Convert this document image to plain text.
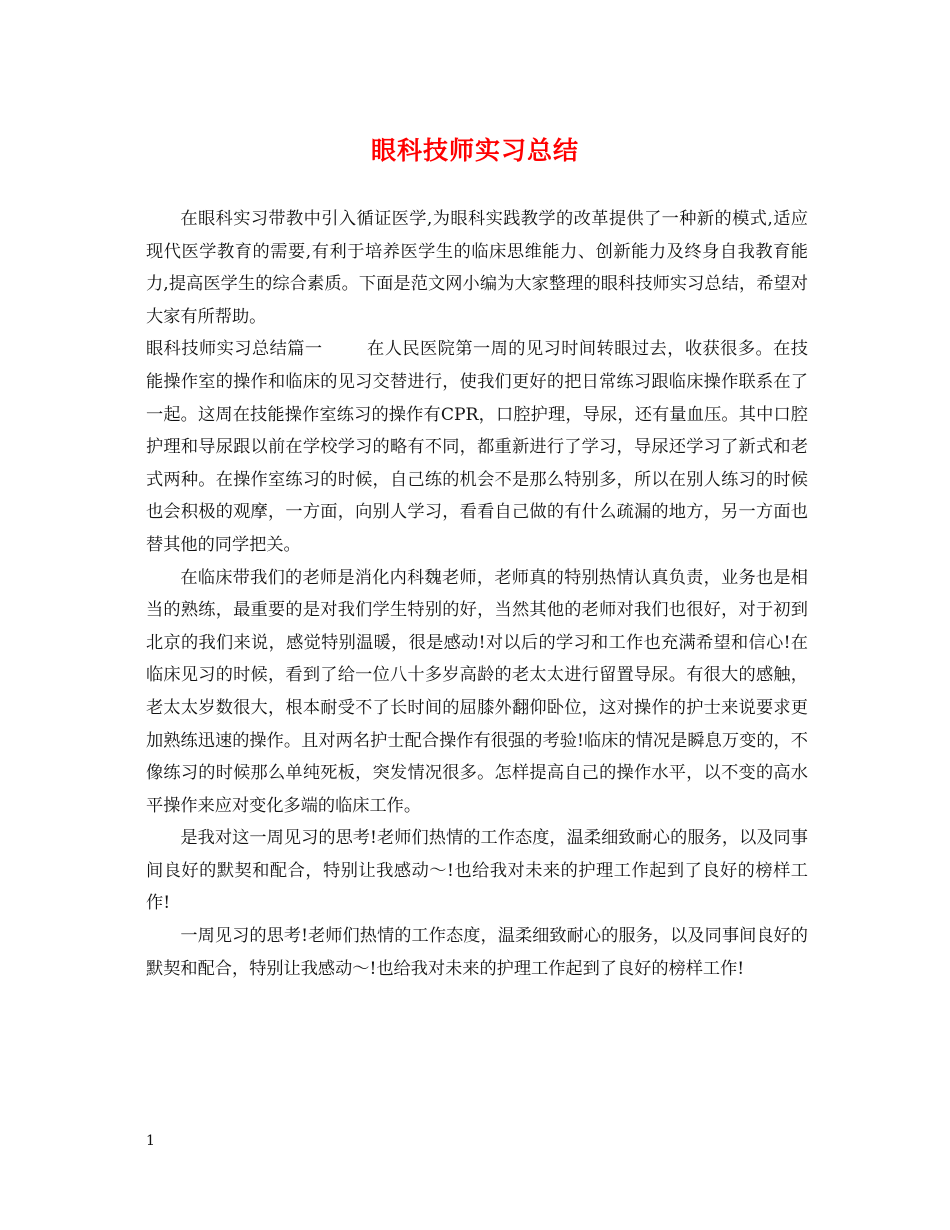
眼科技师实习总结

在眼科实习带教中引入循证医学,为眼科实践教学的改革提供了一种新的模式,适应现代医学教育的需要,有利于培养医学生的临床思维能力、创新能力及终身自我教育能力,提高医学生的综合素质。下面是范文网小编为大家整理的眼科技师实习总结，希望对大家有所帮助。

眼科技师实习总结篇一	在人民医院第一周的见习时间转眼过去，收获很多。在技能操作室的操作和临床的见习交替进行，使我们更好的把日常练习跟临床操作联系在了一起。这周在技能操作室练习的操作有CPR，口腔护理，导尿，还有量血压。其中口腔护理和导尿跟以前在学校学习的略有不同，都重新进行了学习，导尿还学习了新式和老式两种。在操作室练习的时候，自己练的机会不是那么特别多，所以在别人练习的时候也会积极的观摩，一方面，向别人学习，看看自己做的有什么疏漏的地方，另一方面也替其他的同学把关。

在临床带我们的老师是消化内科魏老师，老师真的特别热情认真负责，业务也是相当的熟练，最重要的是对我们学生特别的好，当然其他的老师对我们也很好，对于初到北京的我们来说，感觉特别温暖，很是感动!对以后的学习和工作也充满希望和信心!在临床见习的时候，看到了给一位八十多岁高龄的老太太进行留置导尿。有很大的感触，老太太岁数很大，根本耐受不了长时间的屈膝外翻仰卧位，这对操作的护士来说要求更加熟练迅速的操作。且对两名护士配合操作有很强的考验!临床的情况是瞬息万变的，不像练习的时候那么单纯死板，突发情况很多。怎样提高自己的操作水平，以不变的高水平操作来应对变化多端的临床工作。

是我对这一周见习的思考!老师们热情的工作态度，温柔细致耐心的服务，以及同事间良好的默契和配合，特别让我感动～!也给我对未来的护理工作起到了良好的榜样工作!

一周见习的思考!老师们热情的工作态度，温柔细致耐心的服务，以及同事间良好的默契和配合，特别让我感动～!也给我对未来的护理工作起到了良好的榜样工作!

1
